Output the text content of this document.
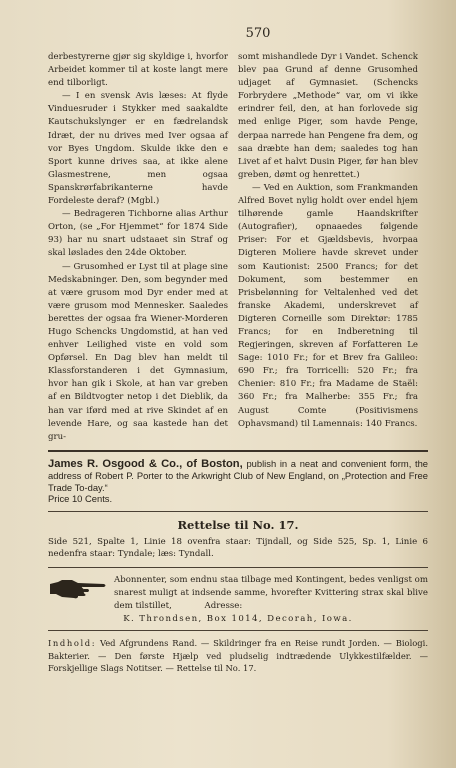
570

derbestyrerne gjør sig skyldige i, hvorfor Arbeidet kommer til at koste langt mere end tilborligt.

— I en svensk Avis læses: At flyde Vinduesruder i Stykker med saakaldte Kautschukslynger er en fædrelandsk Idræt, der nu drives med Iver ogsaa af vor Byes Ungdom. Skulde ikke den e Sport kunne drives saa, at ikke alene Glasmestrene, men ogsaa Spanskrørfabrikanterne havde Fordeleste deraf? (Mgbl.)

— Bedrageren Tichborne alias Arthur Orton, (se „For Hjemmet“ for 1874 Side 93) har nu snart udstaaet sin Straf og skal løslades den 24de Oktober.

— Grusomhed er Lyst til at plage sine Medskabninger. Den, som begynder med at være grusom mod Dyr ender med at være grusom mod Mennesker. Saaledes berettes der ogsaa fra Wiener-Morderen Hugo Schencks Ungdomstid, at han ved enhver Leilighed viste en vold som Opførsel. En Dag blev han meldt til Klassforstanderen i det Gymnasium, hvor han gik i Skole, at han var greben af en Bildtvogter netop i det Dieblik, da han var iførd med at rive Skindet af en levende Hare, og saa kastede han det gru-

somt mishandlede Dyr i Vandet. Schenck blev paa Grund af denne Grusomhed udjaget af Gymnasiet. (Schencks Forbrydere „Methode“ var, om vi ikke erindrer feil, den, at han forlovede sig med enlige Piger, som havde Penge, derpaa narrede han Pengene fra dem, og saa dræbte han dem; saaledes tog han Livet af et halvt Dusin Piger, før han blev greben, dømt og henrettet.)

— Ved en Auktion, som Frankmanden Alfred Bovet nylig holdt over endel hjem tilhørende gamle Haandskrifter (Autografier), opnaaedes følgende Priser: For et Gjældsbevis, hvorpaa Digteren Moliere havde skrevet under som Kautionist: 2500 Francs; for det Dokument, som bestemmer en Prisbelønning for Veltalenhed ved det franske Akademi, underskrevet af Digteren Corneille som Direktør: 1785 Francs; for en Indberetning til Regjeringen, skreven af Forfatteren Le Sage: 1010 Fr.; for et Brev fra Galileo: 690 Fr.; fra Torricelli: 520 Fr.; fra Chenier: 810 Fr.; fra Madame de Staël: 360 Fr.; fra Malherbe: 355 Fr.; fra August Comte (Positivismens Ophavsmand) til Lamennais: 140 Francs.

James R. Osgood & Co., of Boston, publish in a neat and convenient form, the address of Robert P. Porter to the Arkwright Club of New England, on „Protection and Free Trade To-day.“
Price 10 Cents.
Rettelse til No. 17.
Side 521, Spalte 1, Linie 18 ovenfra staar: Tijndall, og Side 525, Sp. 1, Linie 6 nedenfra staar: Tyndale; læs: Tyndall.
Abonnenter, som endnu staa tilbage med Kontingent, bedes venligst om snarest muligt at indsende samme, hvorefter Kvittering strax skal blive dem tilstillet,	Adresse:
K. Throndsen, Box 1014, Decorah, Iowa.
Indhold: Ved Afgrundens Rand. — Skildringer fra en Reise rundt Jorden. — Biologi. Bakterier. — Den første Hjælp ved pludselig indtrædende Ulykkestilfælder. — Forskjellige Slags Notitser. — Rettelse til No. 17.
